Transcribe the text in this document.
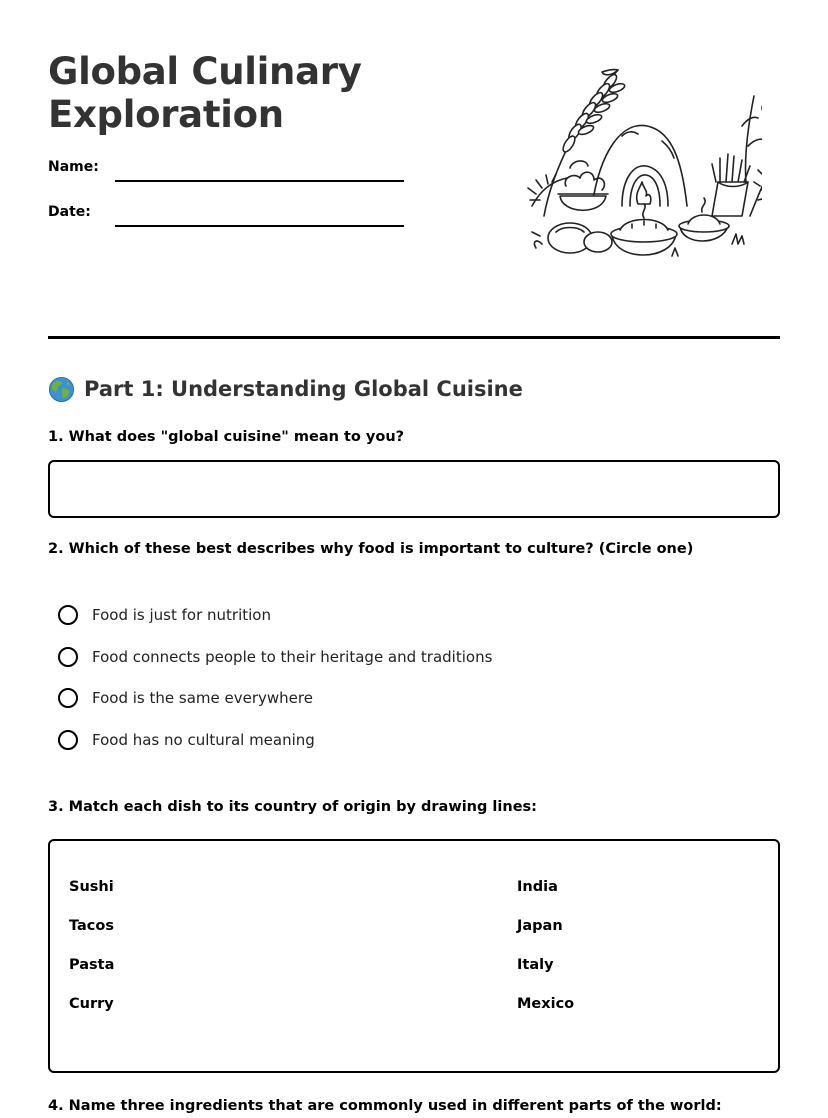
Global Culinary
Exploration
Name:
Date:
Part 1: Understanding Global Cuisine

1. What does "global cuisine" mean to you?

2. Which of these best describes why food is important to culture? (Circle one)

Food is just for nutrition
Food connects people to their heritage and traditions
Food is the same everywhere
Food has no cultural meaning

3. Match each dish to its country of origin by drawing lines:

Sushi
Tacos
Pasta
Curry
India
Japan
Italy
Mexico

4. Name three ingredients that are commonly used in different parts of the world:
